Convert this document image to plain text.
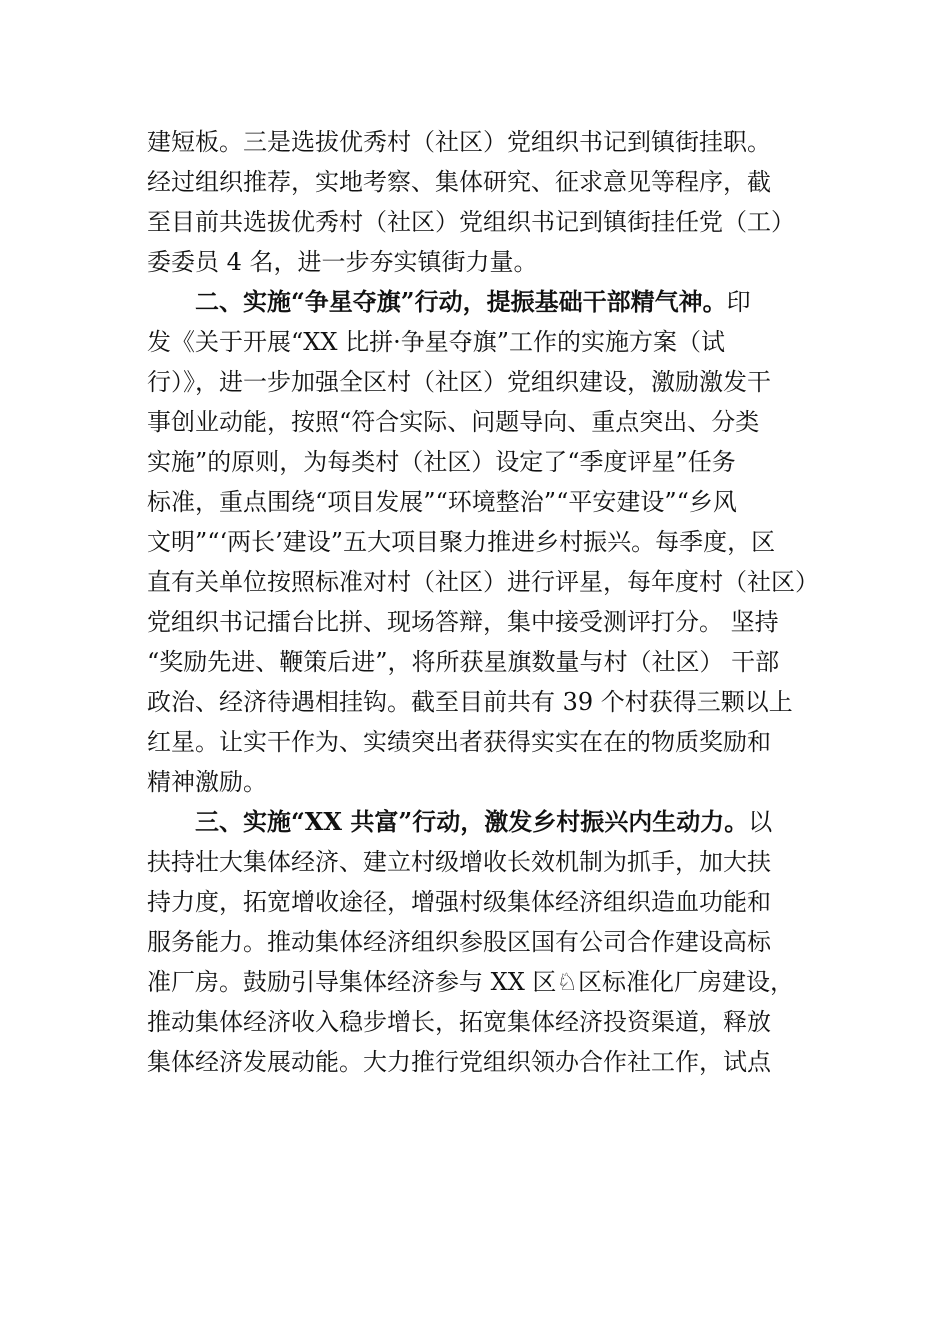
建短板。三是选拔优秀村（社区）党组织书记到镇街挂职。
经过组织推荐，实地考察、集体研究、征求意见等程序，截
至目前共选拔优秀村（社区）党组织书记到镇街挂任党（工）
委委员 4 名，进一步夯实镇街力量。
二、实施“争星夺旗”行动，提振基础干部精气神。印
发《关于开展“XX 比拼·争星夺旗”工作的实施方案（试
行）》，进一步加强全区村（社区）党组织建设，激励激发干
事创业动能，按照“符合实际、问题导向、重点突出、分类
实施”的原则，为每类村（社区）设定了“季度评星”任务
标准，重点围绕“项目发展”“环境整治”“平安建设”“乡风
文明”“‘两长’建设”五大项目聚力推进乡村振兴。每季度，区
直有关单位按照标准对村（社区）进行评星，每年度村（社区）
党组织书记擂台比拼、现场答辩，集中接受测评打分。 坚持
“奖励先进、鞭策后进”，将所获星旗数量与村（社区） 干部
政治、经济待遇相挂钩。截至目前共有 39 个村获得三颗以上
红星。让实干作为、实绩突出者获得实实在在的物质奖励和
精神激励。
三、实施“XX 共富”行动，激发乡村振兴内生动力。以
扶持壮大集体经济、建立村级增收长效机制为抓手，加大扶
持力度，拓宽增收途径，增强村级集体经济组织造血功能和
服务能力。推动集体经济组织参股区国有公司合作建设高标
准厂房。鼓励引导集体经济参与 XX 区♘区标准化厂房建设，
推动集体经济收入稳步增长，拓宽集体经济投资渠道，释放
集体经济发展动能。大力推行党组织领办合作社工作，试点
